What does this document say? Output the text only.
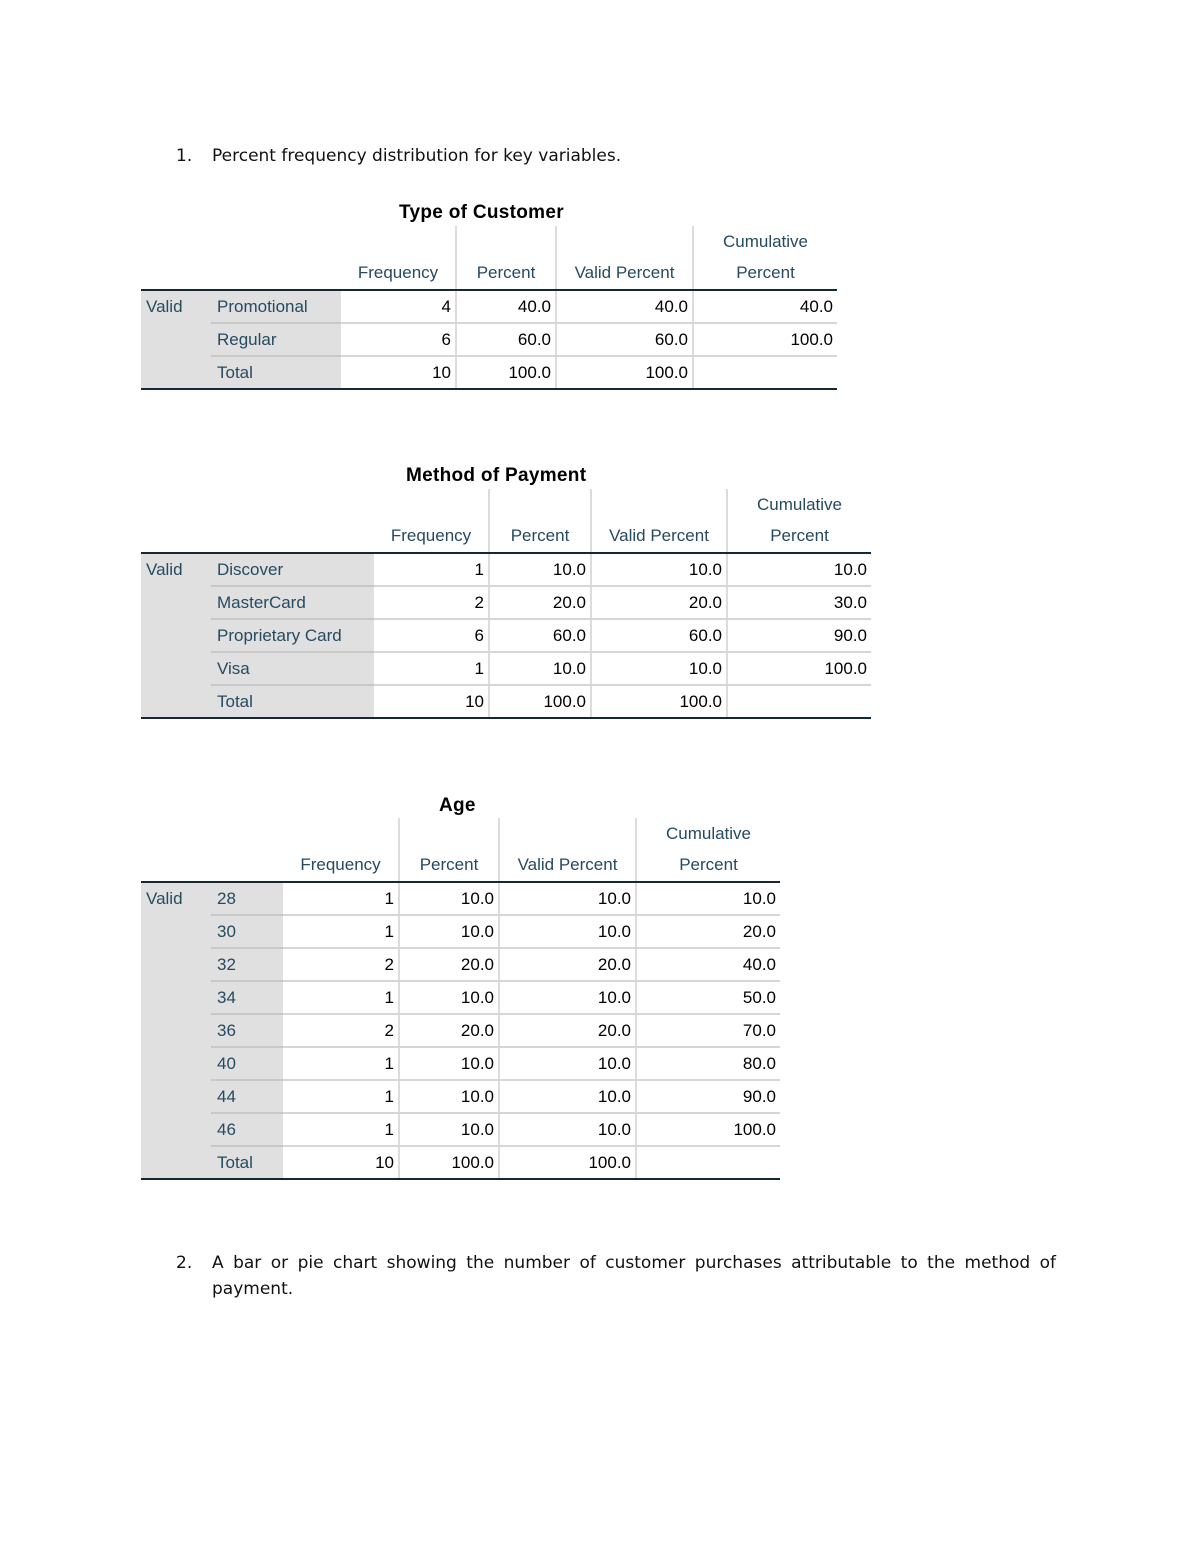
1. Percent frequency distribution for key variables.
Type of Customer
		Frequency	Percent	Valid Percent	Cumulative Percent
Valid	Promotional	4	40.0	40.0	40.0
	Regular	6	60.0	60.0	100.0
	Total	10	100.0	100.0	
Method of Payment
		Frequency	Percent	Valid Percent	Cumulative Percent
Valid	Discover	1	10.0	10.0	10.0
	MasterCard	2	20.0	20.0	30.0
	Proprietary Card	6	60.0	60.0	90.0
	Visa	1	10.0	10.0	100.0
	Total	10	100.0	100.0	
Age
		Frequency	Percent	Valid Percent	Cumulative Percent
Valid	28	1	10.0	10.0	10.0
	30	1	10.0	10.0	20.0
	32	2	20.0	20.0	40.0
	34	1	10.0	10.0	50.0
	36	2	20.0	20.0	70.0
	40	1	10.0	10.0	80.0
	44	1	10.0	10.0	90.0
	46	1	10.0	10.0	100.0
	Total	10	100.0	100.0	
2. A bar or pie chart showing the number of customer purchases attributable to the method of payment.
